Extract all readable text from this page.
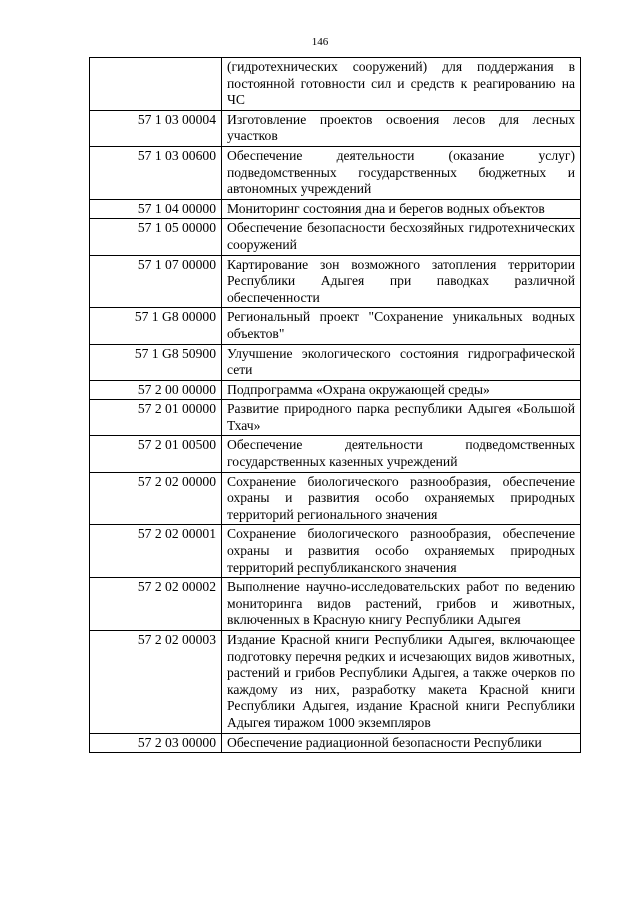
146
	(гидротехнических сооружений) для поддержания в постоянной готовности сил и средств к реагированию на ЧС
57 1 03 00004	Изготовление проектов освоения лесов для лесных участков
57 1 03 00600	Обеспечение деятельности (оказание услуг) подведомственных государственных бюджетных и автономных учреждений
57 1 04 00000	Мониторинг состояния дна и берегов водных объектов
57 1 05 00000	Обеспечение безопасности бесхозяйных гидротехнических сооружений
57 1 07 00000	Картирование зон возможного затопления территории Республики Адыгея при паводках различной обеспеченности
57 1 G8 00000	Региональный проект "Сохранение уникальных водных объектов"
57 1 G8 50900	Улучшение экологического состояния гидрографической сети
57 2 00 00000	Подпрограмма «Охрана окружающей среды»
57 2 01 00000	Развитие природного парка республики Адыгея «Большой Тхач»
57 2 01 00500	Обеспечение деятельности подведомственных государственных казенных учреждений
57 2 02 00000	Сохранение биологического разнообразия, обеспечение охраны и развития особо охраняемых природных территорий регионального значения
57 2 02 00001	Сохранение биологического разнообразия, обеспечение охраны и развития особо охраняемых природных территорий республиканского значения
57 2 02 00002	Выполнение научно-исследовательских работ по ведению мониторинга видов растений, грибов и животных, включенных в Красную книгу Республики Адыгея
57 2 02 00003	Издание Красной книги Республики Адыгея, включающее подготовку перечня редких и исчезающих видов животных, растений и грибов Республики Адыгея, а также очерков по каждому из них, разработку макета Красной книги Республики Адыгея, издание Красной книги Республики Адыгея тиражом 1000 экземпляров
57 2 03 00000	Обеспечение радиационной безопасности Республики
